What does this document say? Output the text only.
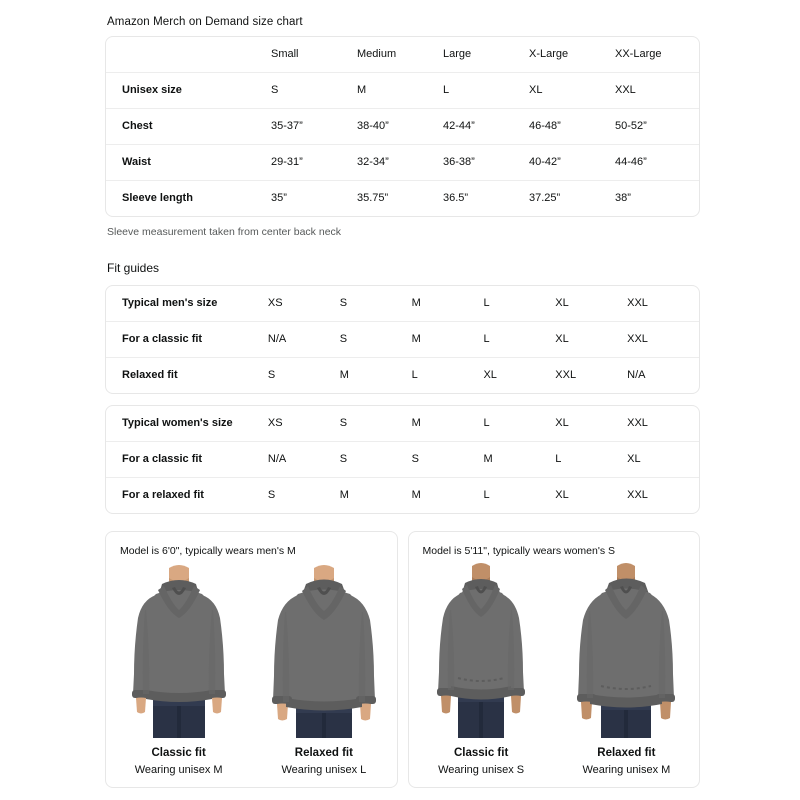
Amazon Merch on Demand size chart
	Small	Medium	Large	X-Large	XX-Large
Unisex size	S	M	L	XL	XXL
Chest	35-37”	38-40”	42-44”	46-48”	50-52”
Waist	29-31”	32-34”	36-38”	40-42”	44-46”
Sleeve length	35”	35.75”	36.5”	37.25”	38”
Sleeve measurement taken from center back neck
Fit guides
Typical men's size	XS	S	M	L	XL	XXL
For a classic fit	N/A	S	M	L	XL	XXL
Relaxed fit	S	M	L	XL	XXL	N/A
Typical women's size	XS	S	M	L	XL	XXL
For a classic fit	N/A	S	S	M	L	XL
For a relaxed fit	S	M	M	L	XL	XXL
Model is 6'0", typically wears men's M
Classic fit
Wearing unisex M
Relaxed fit
Wearing unisex L
Model is 5'11", typically wears women's S
Classic fit
Wearing unisex S
Relaxed fit
Wearing unisex M
